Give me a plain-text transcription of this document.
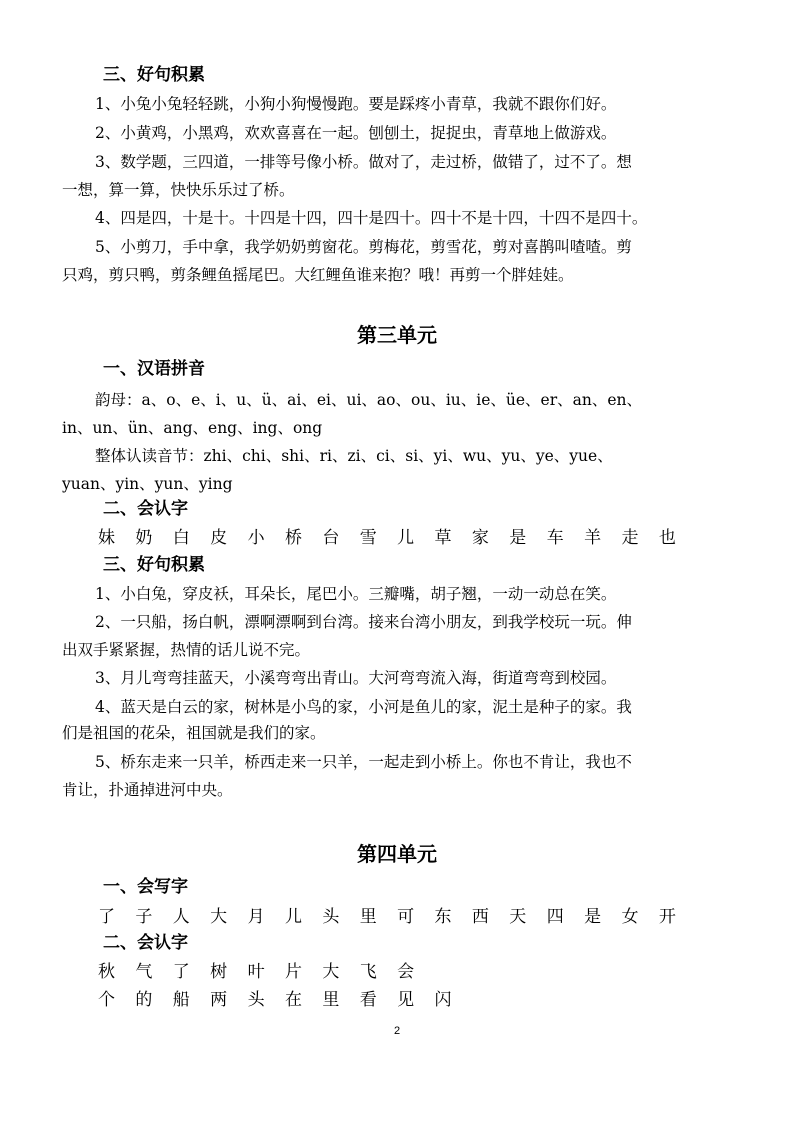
三、好句积累
1、小兔小兔轻轻跳，小狗小狗慢慢跑。要是踩疼小青草，我就不跟你们好。
2、小黄鸡，小黑鸡，欢欢喜喜在一起。刨刨土，捉捉虫，青草地上做游戏。
3、数学题，三四道，一排等号像小桥。做对了，走过桥，做错了，过不了。想
一想，算一算，快快乐乐过了桥。
4、四是四，十是十。十四是十四，四十是四十。四十不是十四，十四不是四十。
5、小剪刀，手中拿，我学奶奶剪窗花。剪梅花，剪雪花，剪对喜鹊叫喳喳。剪
只鸡，剪只鸭，剪条鲤鱼摇尾巴。大红鲤鱼谁来抱？哦！再剪一个胖娃娃。
第三单元
一、汉语拼音
韵母：a、o、e、i、u、ü、ai、ei、ui、ao、ou、iu、ie、üe、er、an、en、
in、un、ün、ang、eng、ing、ong
整体认读音节：zhi、chi、shi、ri、zi、ci、si、yi、wu、yu、ye、yue、
yuan、yin、yun、ying
二、会认字
妹	奶	白	皮	小	桥	台	雪	儿	草	家	是	车	羊	走	也
三、好句积累
1、小白兔，穿皮袄，耳朵长，尾巴小。三瓣嘴，胡子翘，一动一动总在笑。
2、一只船，扬白帆，漂啊漂啊到台湾。接来台湾小朋友，到我学校玩一玩。伸
出双手紧紧握，热情的话儿说不完。
3、月儿弯弯挂蓝天，小溪弯弯出青山。大河弯弯流入海，街道弯弯到校园。
4、蓝天是白云的家，树林是小鸟的家，小河是鱼儿的家，泥土是种子的家。我
们是祖国的花朵，祖国就是我们的家。
5、桥东走来一只羊，桥西走来一只羊，一起走到小桥上。你也不肯让，我也不
肯让，扑通掉进河中央。
第四单元
一、会写字
了	子	人	大	月	儿	头	里	可	东	西	天	四	是	女	开
二、会认字
秋	气	了	树	叶	片	大	飞	会
个	的	船	两	头	在	里	看	见	闪
2
